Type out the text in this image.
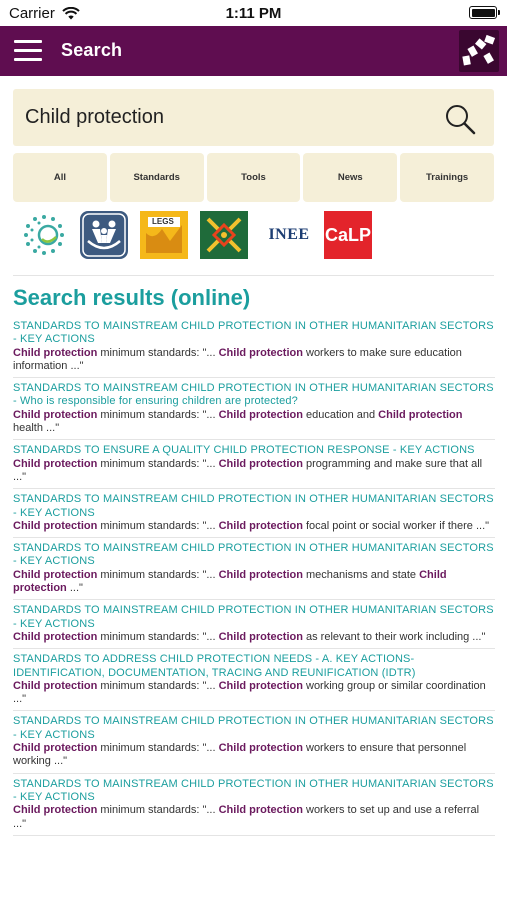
Carrier	1:11 PM
Search
Child protection
All	Standards	Tools	News	Trainings
LEGS
INEE CaLP
Search results (online)
STANDARDS TO MAINSTREAM CHILD PROTECTION IN OTHER HUMANITARIAN SECTORS - KEY ACTIONS
Child protection minimum standards: "... Child protection workers to make sure education information ..."
STANDARDS TO MAINSTREAM CHILD PROTECTION IN OTHER HUMANITARIAN SECTORS - Who is responsible for ensuring children are protected?
Child protection minimum standards: "... Child protection education and Child protection health ..."
STANDARDS TO ENSURE A QUALITY CHILD PROTECTION RESPONSE - KEY ACTIONS
Child protection minimum standards: "... Child protection programming and make sure that all ..."
STANDARDS TO MAINSTREAM CHILD PROTECTION IN OTHER HUMANITARIAN SECTORS - KEY ACTIONS
Child protection minimum standards: "... Child protection focal point or social worker if there ..."
STANDARDS TO MAINSTREAM CHILD PROTECTION IN OTHER HUMANITARIAN SECTORS - KEY ACTIONS
Child protection minimum standards: "... Child protection mechanisms and state Child protection ..."
STANDARDS TO MAINSTREAM CHILD PROTECTION IN OTHER HUMANITARIAN SECTORS - KEY ACTIONS
Child protection minimum standards: "... Child protection as relevant to their work including ..."
STANDARDS TO ADDRESS CHILD PROTECTION NEEDS - A. KEY ACTIONS- IDENTIFICATION, DOCUMENTATION, TRACING AND REUNIFICATION (IDTR)
Child protection minimum standards: "... Child protection working group or similar coordination ..."
STANDARDS TO MAINSTREAM CHILD PROTECTION IN OTHER HUMANITARIAN SECTORS - KEY ACTIONS
Child protection minimum standards: "... Child protection workers to ensure that personnel working ..."
STANDARDS TO MAINSTREAM CHILD PROTECTION IN OTHER HUMANITARIAN SECTORS - KEY ACTIONS
Child protection minimum standards: "... Child protection workers to set up and use a referral ..."
